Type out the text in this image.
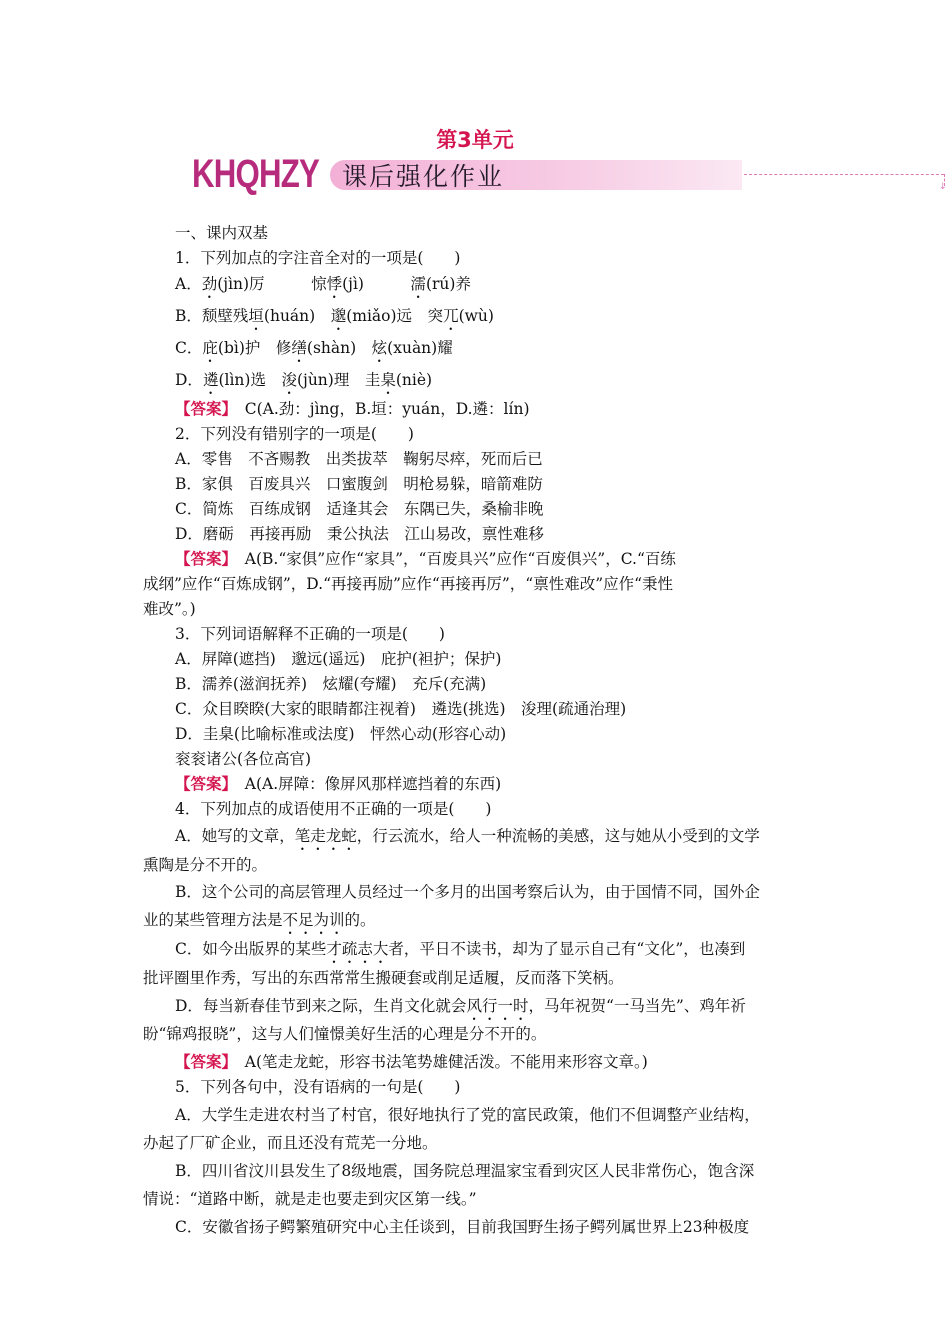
第3单元
KHQHZY 课后强化作业	↓
一、课内双基
1．下列加点的字注音全对的一项是(　　)
A．劲(jìn)厉　　　惊悸(jì)　　　濡(rú)养
B．颓壁残垣(huán)　邈(miǎo)远　突兀(wù)
C．庇(bì)护　修缮(shàn)　炫(xuàn)耀
D．遴(lìn)选　浚(jùn)理　圭臬(niè)
【答案】　C(A.劲：jìng，B.垣：yuán，D.遴：lín)
2．下列没有错别字的一项是(　　)
A．零售　不吝赐教　出类拔萃　鞠躬尽瘁，死而后已
B．家俱　百废具兴　口蜜腹剑　明枪易躲，暗箭难防
C．简炼　百练成钢　适逢其会　东隅已失，桑榆非晚
D．磨砺　再接再励　秉公执法　江山易改，禀性难移
【答案】　A(B.“家俱”应作“家具”，“百废具兴”应作“百废俱兴”，C.“百练
成纲”应作“百炼成钢”，D.“再接再励”应作“再接再厉”，“禀性难改”应作“秉性
难改”。)
3．下列词语解释不正确的一项是(　　)
A．屏障(遮挡)　邈远(遥远)　庇护(袒护；保护)
B．濡养(滋润抚养)　炫耀(夸耀)　充斥(充满)
C．众目睽睽(大家的眼睛都注视着)　遴选(挑选)　浚理(疏通治理)
D．圭臬(比喻标准或法度)　怦然心动(形容心动)
衮衮诸公(各位高官)
【答案】　A(A.屏障：像屏风那样遮挡着的东西)
4．下列加点的成语使用不正确的一项是(　　)
A．她写的文章，笔走龙蛇，行云流水，给人一种流畅的美感，这与她从小受到的文学
熏陶是分不开的。
B．这个公司的高层管理人员经过一个多月的出国考察后认为，由于国情不同，国外企
业的某些管理方法是不足为训的。
C．如今出版界的某些才疏志大者，平日不读书，却为了显示自己有“文化”，也凑到
批评圈里作秀，写出的东西常常生搬硬套或削足适履，反而落下笑柄。
D．每当新春佳节到来之际，生肖文化就会风行一时，马年祝贺“一马当先”、鸡年祈
盼“锦鸡报晓”，这与人们憧憬美好生活的心理是分不开的。
【答案】　A(笔走龙蛇，形容书法笔势雄健活泼。不能用来形容文章。)
5．下列各句中，没有语病的一句是(　　)
A．大学生走进农村当了村官，很好地执行了党的富民政策，他们不但调整产业结构，
办起了厂矿企业，而且还没有荒芜一分地。
B．四川省汶川县发生了8级地震，国务院总理温家宝看到灾区人民非常伤心，饱含深
情说：“道路中断，就是走也要走到灾区第一线。”
C．安徽省扬子鳄繁殖研究中心主任谈到，目前我国野生扬子鳄列属世界上23种极度
